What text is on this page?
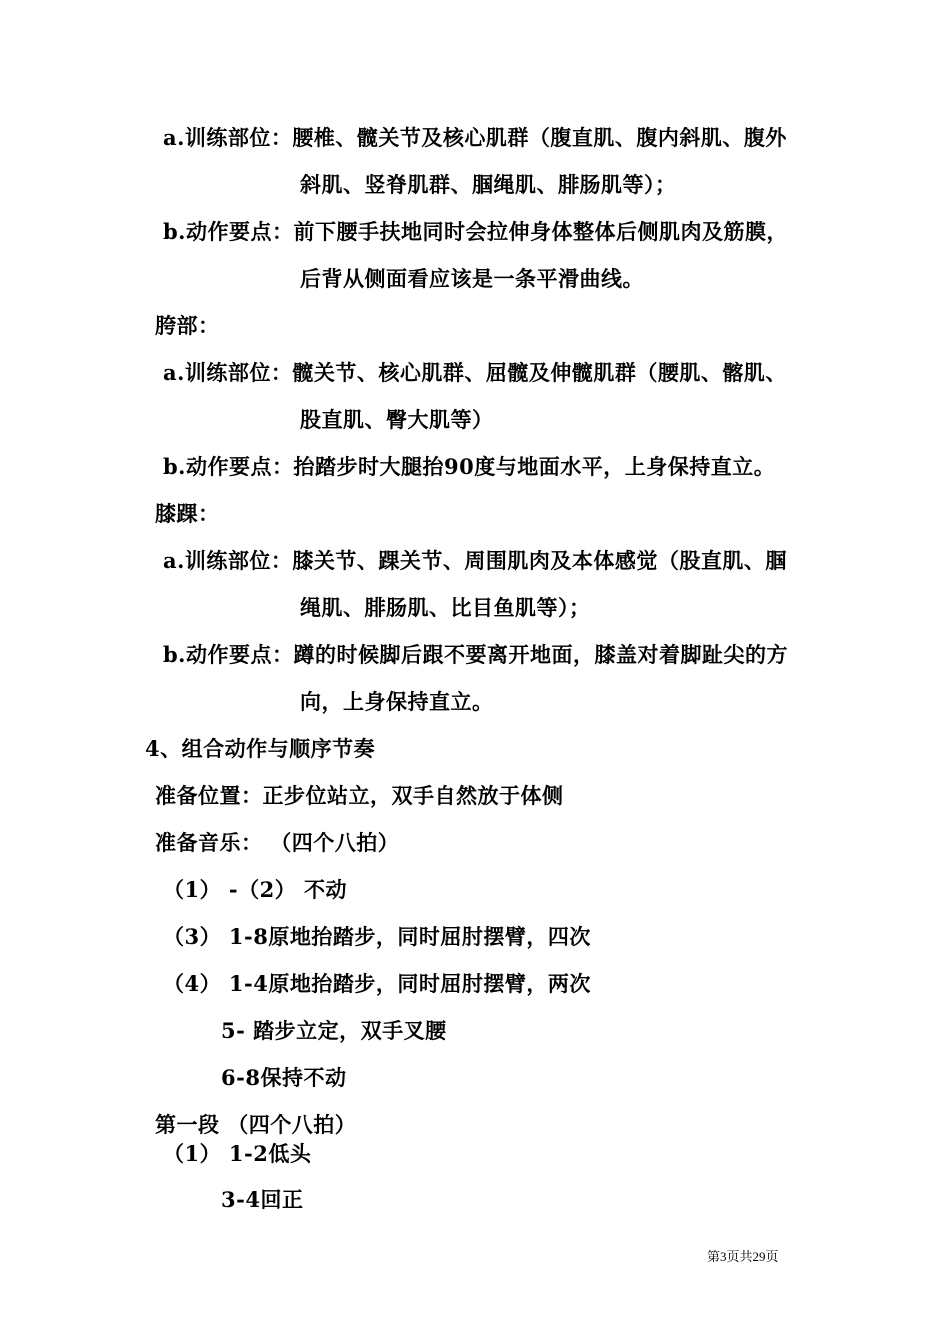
a.训练部位：腰椎、髋关节及核心肌群（腹直肌、腹内斜肌、腹外
斜肌、竖脊肌群、腘绳肌、腓肠肌等）；
b.动作要点：前下腰手扶地同时会拉伸身体整体后侧肌肉及筋膜，
后背从侧面看应该是一条平滑曲线。
胯部：
a.训练部位：髋关节、核心肌群、屈髋及伸髋肌群（腰肌、髂肌、
股直肌、臀大肌等）
b.动作要点：抬踏步时大腿抬90度与地面水平，上身保持直立。
膝踝：
a.训练部位：膝关节、踝关节、周围肌肉及本体感觉（股直肌、腘
绳肌、腓肠肌、比目鱼肌等）；
b.动作要点：蹲的时候脚后跟不要离开地面，膝盖对着脚趾尖的方
向，上身保持直立。
4、组合动作与顺序节奏
准备位置：正步位站立，双手自然放于体侧
准备音乐： （四个八拍）
（1） -（2） 不动
（3） 1-8原地抬踏步，同时屈肘摆臂，四次
（4） 1-4原地抬踏步，同时屈肘摆臂，两次
5- 踏步立定，双手叉腰
6-8保持不动
第一段 （四个八拍）
（1） 1-2低头
3-4回正
第3页共29页
